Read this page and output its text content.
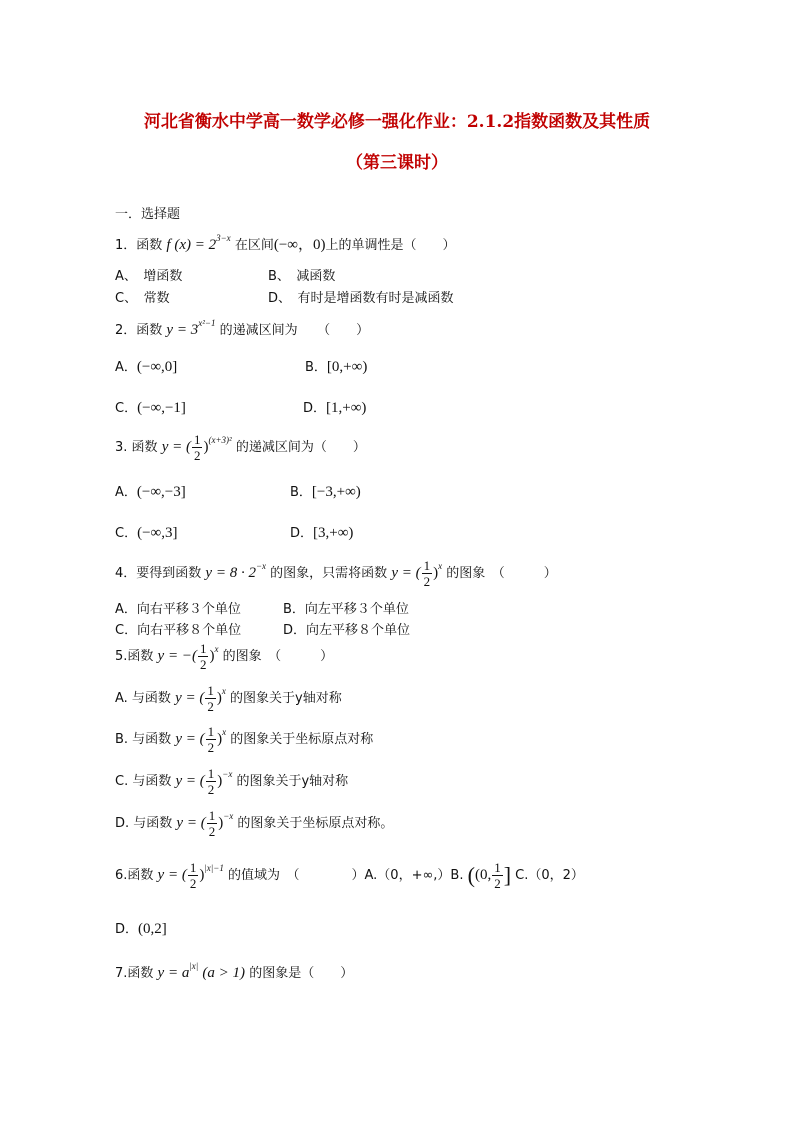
河北省衡水中学高一数学必修一强化作业：2.1.2指数函数及其性质
（第三课时）
一．选择题
1．函数 f $(x) = 2^{3-x}$ 在区间(−∞，0)上的单调性是（　　）
A、　增函数	B、　减函数
C、　常数	D、　有时是增函数有时是减函数
2．函数 $y = 3^{x^2-1}$ 的递减区间为　　（　　）
A．(−∞,0]	B．[0,+∞)
C．(−∞,−1]	D．[1,+∞)
3. 函数 y = ( $\frac{1}{2} )^{(x+3)^2}$ 的递减区间为（　　）
A．(−∞,−3]	B．[−3,+∞)
C．(−∞,3]	D．[3,+∞)
4．要得到函数 $y = 8 \cdot 2^{-x}$ 的图象，只需将函数 y = ( $\frac{1}{2} )^x$ 的图象　（　　　）
A．向右平移３个单位	B．向左平移３个单位
C．向右平移８个单位	D．向左平移８个单位
5.函数 y = −( $\frac{1}{2} )^x$ 的图象　（　　　）
A. 与函数 y = ( $\frac{1}{2} )^x$ 的图象关于y轴对称
B. 与函数 y = ( $\frac{1}{2} )^x$ 的图象关于坐标原点对称
C. 与函数 y = ( $\frac{1}{2} )^{-x}$ 的图象关于y轴对称
D. 与函数 y = ( $\frac{1}{2} )^{-x}$ 的图象关于坐标原点对称。
6.函数 y = ( $\frac{1}{2} )^{|x|-1}$ 的值域为　（　　　　）A.（0，+∞,）B. ((0, $\frac{1}{2}$ ] C.（0，2）
D．(0,2]
7.函数 $y = a^{|x|}$ (a > 1) 的图象是（　　）
